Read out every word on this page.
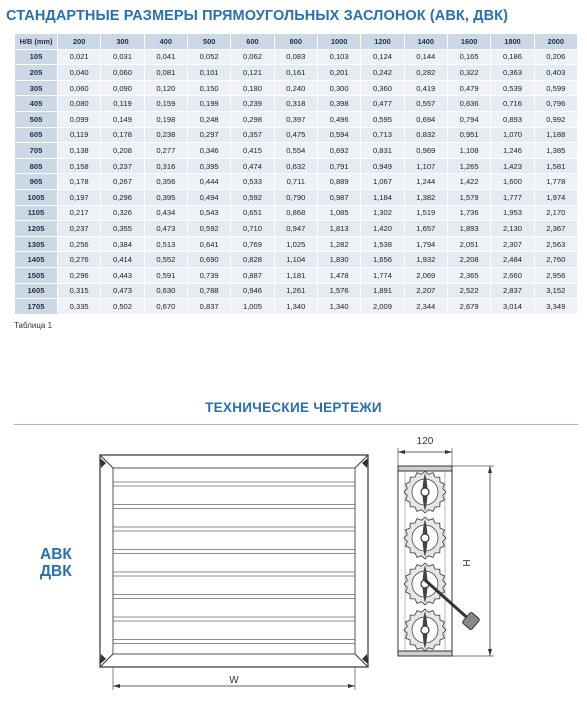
СТАНДАРТНЫЕ РАЗМЕРЫ ПРЯМОУГОЛЬНЫХ ЗАСЛОНОК (АВК, ДВК)
H/B (mm)	200	300	400	500	600	800	1000	1200	1400	1600	1800	2000
105	0,021	0,031	0,041	0,052	0,062	0,083	0,103	0,124	0,144	0,165	0,186	0,206
205	0,040	0,060	0,081	0,101	0,121	0,161	0,201	0,242	0,282	0,322	0,363	0,403
305	0,060	0,090	0,120	0,150	0,180	0,240	0,300	0,360	0,419	0,479	0,539	0,599
405	0,080	0,119	0,159	0,199	0,239	0,318	0,398	0,477	0,557	0,636	0,716	0,796
505	0,099	0,149	0,198	0,248	0,298	0,397	0,496	0,595	0,694	0,794	0,893	0,992
605	0,119	0,178	0,238	0,297	0,357	0,475	0,594	0,713	0,832	0,951	1,070	1,188
705	0,138	0,208	0,277	0,346	0,415	0,554	0,692	0,831	0,969	1,108	1,246	1,385
805	0,158	0,237	0,316	0,395	0,474	0,632	0,791	0,949	1,107	1,265	1,423	1,581
905	0,178	0,267	0,356	0,444	0,533	0,711	0,889	1,067	1,244	1,422	1,600	1,778
1005	0,197	0,296	0,395	0,494	0,592	0,790	0,987	1,184	1,382	1,579	1,777	1,974
1105	0,217	0,326	0,434	0,543	0,651	0,868	1,085	1,302	1,519	1,736	1,953	2,170
1205	0,237	0,355	0,473	0,592	0,710	0,947	1,813	1,420	1,657	1,893	2,130	2,367
1305	0,256	0,384	0,513	0,641	0,769	1,025	1,282	1,538	1,794	2,051	2,307	2,563
1405	0,276	0,414	0,552	0,690	0,828	1,104	1,830	1,656	1,932	2,208	2,484	2,760
1505	0,296	0,443	0,591	0,739	0,887	1,181	1,478	1,774	2,069	2,365	2,660	2,956
1605	0,315	0,473	0,630	0,788	0,946	1,261	1,576	1,891	2,207	2,522	2,837	3,152
1705	0,335	0,502	0,670	0,837	1,005	1,340	1,340	2,009	2,344	2,679	3,014	3,349
Таблица 1
ТЕХНИЧЕСКИЕ ЧЕРТЕЖИ
АВК
ДВК
W
120
H
